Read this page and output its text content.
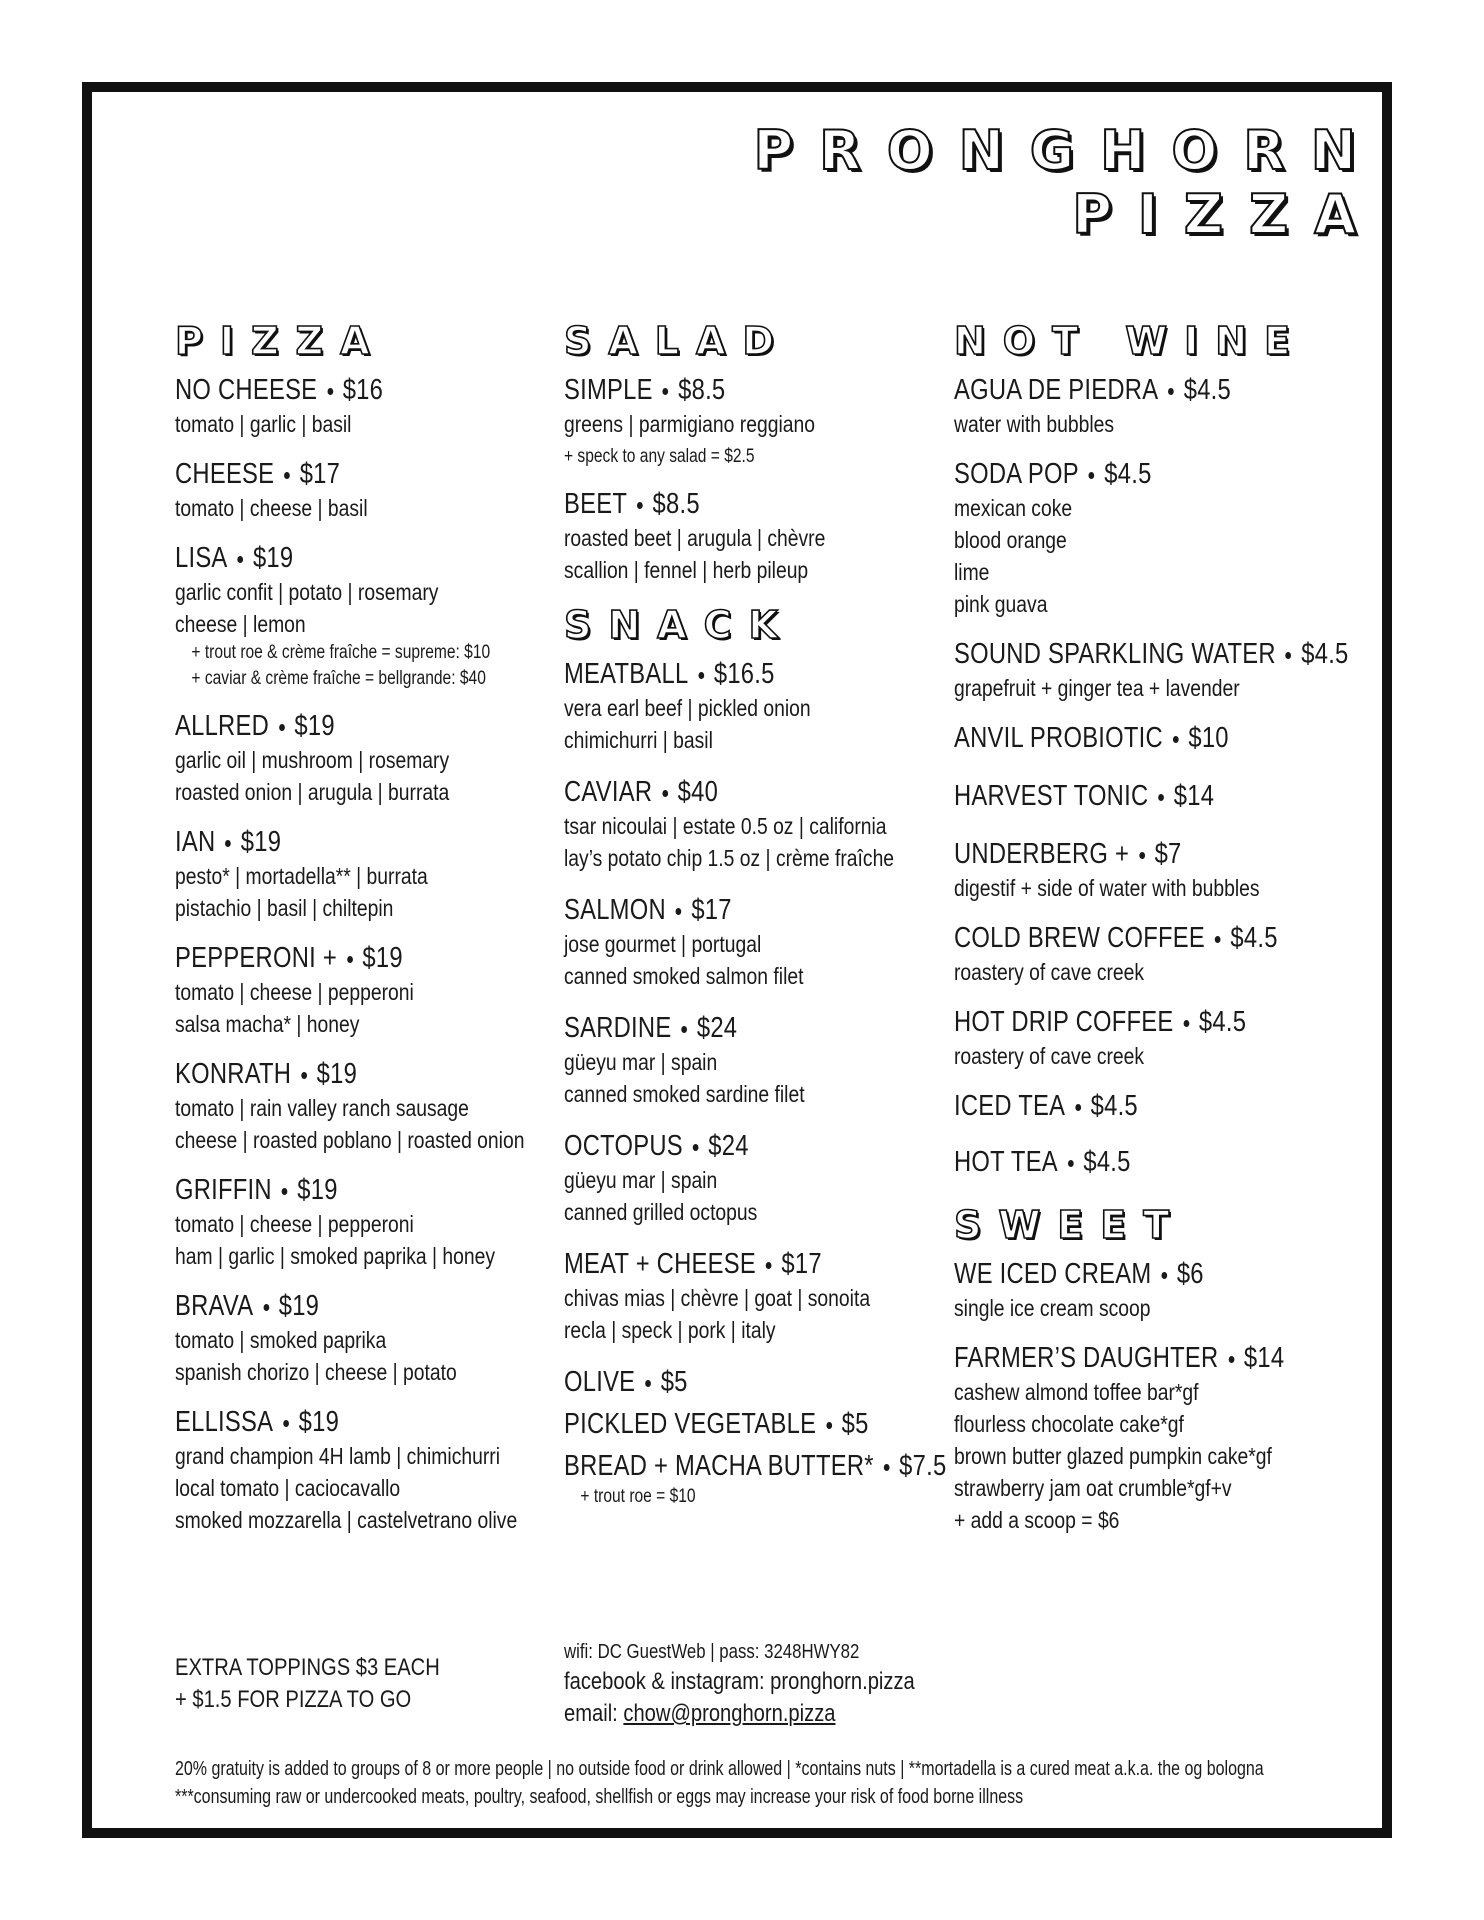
PRONGHORN
PIZZA
PIZZA
NO CHEESE $16
tomato | garlic | basil
CHEESE $17
tomato | cheese | basil
LISA $19
garlic confit | potato | rosemary
cheese | lemon
+ trout roe & crème fraîche = supreme: $10
+ caviar & crème fraîche = bellgrande: $40
ALLRED $19
garlic oil | mushroom | rosemary
roasted onion | arugula | burrata
IAN $19
pesto* | mortadella** | burrata
pistachio | basil | chiltepin
PEPPERONI + $19
tomato | cheese | pepperoni
salsa macha* | honey
KONRATH $19
tomato | rain valley ranch sausage
cheese | roasted poblano | roasted onion
GRIFFIN $19
tomato | cheese | pepperoni
ham | garlic | smoked paprika | honey
BRAVA $19
tomato | smoked paprika
spanish chorizo | cheese | potato
ELLISSA $19
grand champion 4H lamb | chimichurri
local tomato | caciocavallo
smoked mozzarella | castelvetrano olive
EXTRA TOPPINGS $3 EACH
+ $1.5 FOR PIZZA TO GO
SALAD
SIMPLE $8.5
greens | parmigiano reggiano
+ speck to any salad = $2.5
BEET $8.5
roasted beet | arugula | chèvre
scallion | fennel | herb pileup
SNACK
MEATBALL $16.5
vera earl beef | pickled onion
chimichurri | basil
CAVIAR $40
tsar nicoulai | estate 0.5 oz | california
lay’s potato chip 1.5 oz | crème fraîche
SALMON $17
jose gourmet | portugal
canned smoked salmon filet
SARDINE $24
güeyu mar | spain
canned smoked sardine filet
OCTOPUS $24
güeyu mar | spain
canned grilled octopus
MEAT + CHEESE $17
chivas mias | chèvre | goat | sonoita
recla | speck | pork | italy
OLIVE $5
PICKLED VEGETABLE $5
BREAD + MACHA BUTTER* $7.5
+ trout roe = $10
wifi: DC GuestWeb | pass: 3248HWY82
facebook & instagram: pronghorn.pizza
email: chow@pronghorn.pizza
NOT WINE
AGUA DE PIEDRA $4.5
water with bubbles
SODA POP $4.5
mexican coke
blood orange
lime
pink guava
SOUND SPARKLING WATER $4.5
grapefruit + ginger tea + lavender
ANVIL PROBIOTIC $10
HARVEST TONIC $14
UNDERBERG + $7
digestif + side of water with bubbles
COLD BREW COFFEE $4.5
roastery of cave creek
HOT DRIP COFFEE $4.5
roastery of cave creek
ICED TEA $4.5
HOT TEA $4.5
SWEET
WE ICED CREAM $6
single ice cream scoop
FARMER’S DAUGHTER $14
cashew almond toffee bar*gf
flourless chocolate cake*gf
brown butter glazed pumpkin cake*gf
strawberry jam oat crumble*gf+v
+ add a scoop = $6
20% gratuity is added to groups of 8 or more people | no outside food or drink allowed | *contains nuts | **mortadella is a cured meat a.k.a. the og bologna
***consuming raw or undercooked meats, poultry, seafood, shellfish or eggs may increase your risk of food borne illness
